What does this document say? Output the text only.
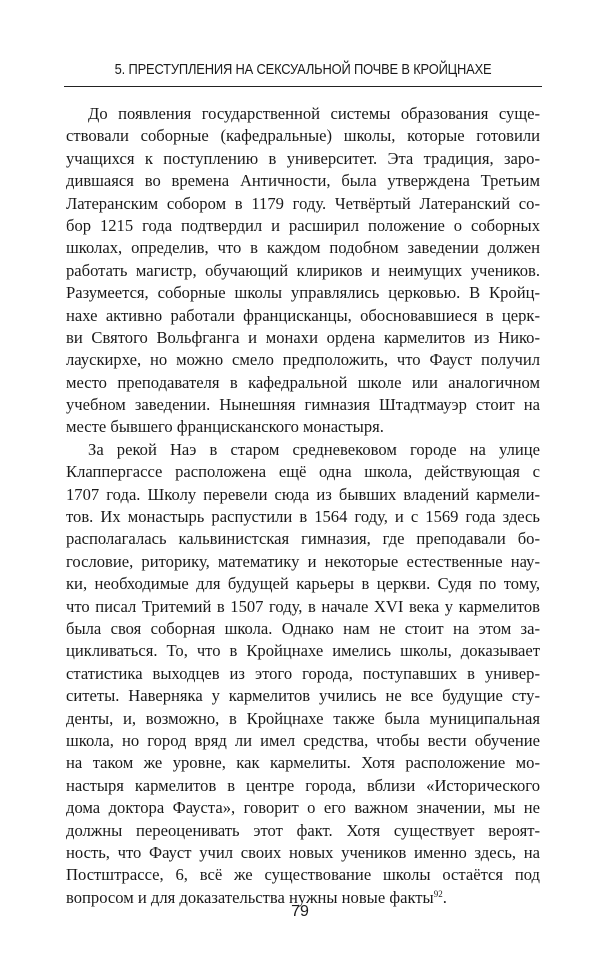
5. ПРЕСТУПЛЕНИЯ НА СЕКСУАЛЬНОЙ ПОЧВЕ В КРОЙЦНАХЕ
До появления государственной системы образования суще-
ствовали соборные (кафедральные) школы, которые готовили
учащихся к поступлению в университет. Эта традиция, заро-
дившаяся во времена Античности, была утверждена Третьим
Латеранским собором в 1179 году. Четвёртый Латеранский со-
бор 1215 года подтвердил и расширил положение о соборных
школах, определив, что в каждом подобном заведении должен
работать магистр, обучающий клириков и неимущих учеников.
Разумеется, соборные школы управлялись церковью. В Кройц-
нахе активно работали францисканцы, обосновавшиеся в церк-
ви Святого Вольфганга и монахи ордена кармелитов из Нико-
лаускирхе, но можно смело предположить, что Фауст получил
место преподавателя в кафедральной школе или аналогичном
учебном заведении. Нынешняя гимназия Штадтмауэр стоит на
месте бывшего францисканского монастыря.
За рекой Наэ в старом средневековом городе на улице
Клаппергассе расположена ещё одна школа, действующая с
1707 года. Школу перевели сюда из бывших владений кармели-
тов. Их монастырь распустили в 1564 году, и с 1569 года здесь
располагалась кальвинистская гимназия, где преподавали бо-
гословие, риторику, математику и некоторые естественные нау-
ки, необходимые для будущей карьеры в церкви. Судя по тому,
что писал Тритемий в 1507 году, в начале XVI века у кармелитов
была своя соборная школа. Однако нам не стоит на этом за-
цикливаться. То, что в Кройцнахе имелись школы, доказывает
статистика выходцев из этого города, поступавших в универ-
ситеты. Наверняка у кармелитов учились не все будущие сту-
денты, и, возможно, в Кройцнахе также была муниципальная
школа, но город вряд ли имел средства, чтобы вести обучение
на таком же уровне, как кармелиты. Хотя расположение мо-
настыря кармелитов в центре города, вблизи «Исторического
дома доктора Фауста», говорит о его важном значении, мы не
должны переоценивать этот факт. Хотя существует вероят-
ность, что Фауст учил своих новых учеников именно здесь, на
Постштрассе, 6, всё же существование школы остаётся под
вопросом и для доказательства нужны новые факты$^{92}$.
79
